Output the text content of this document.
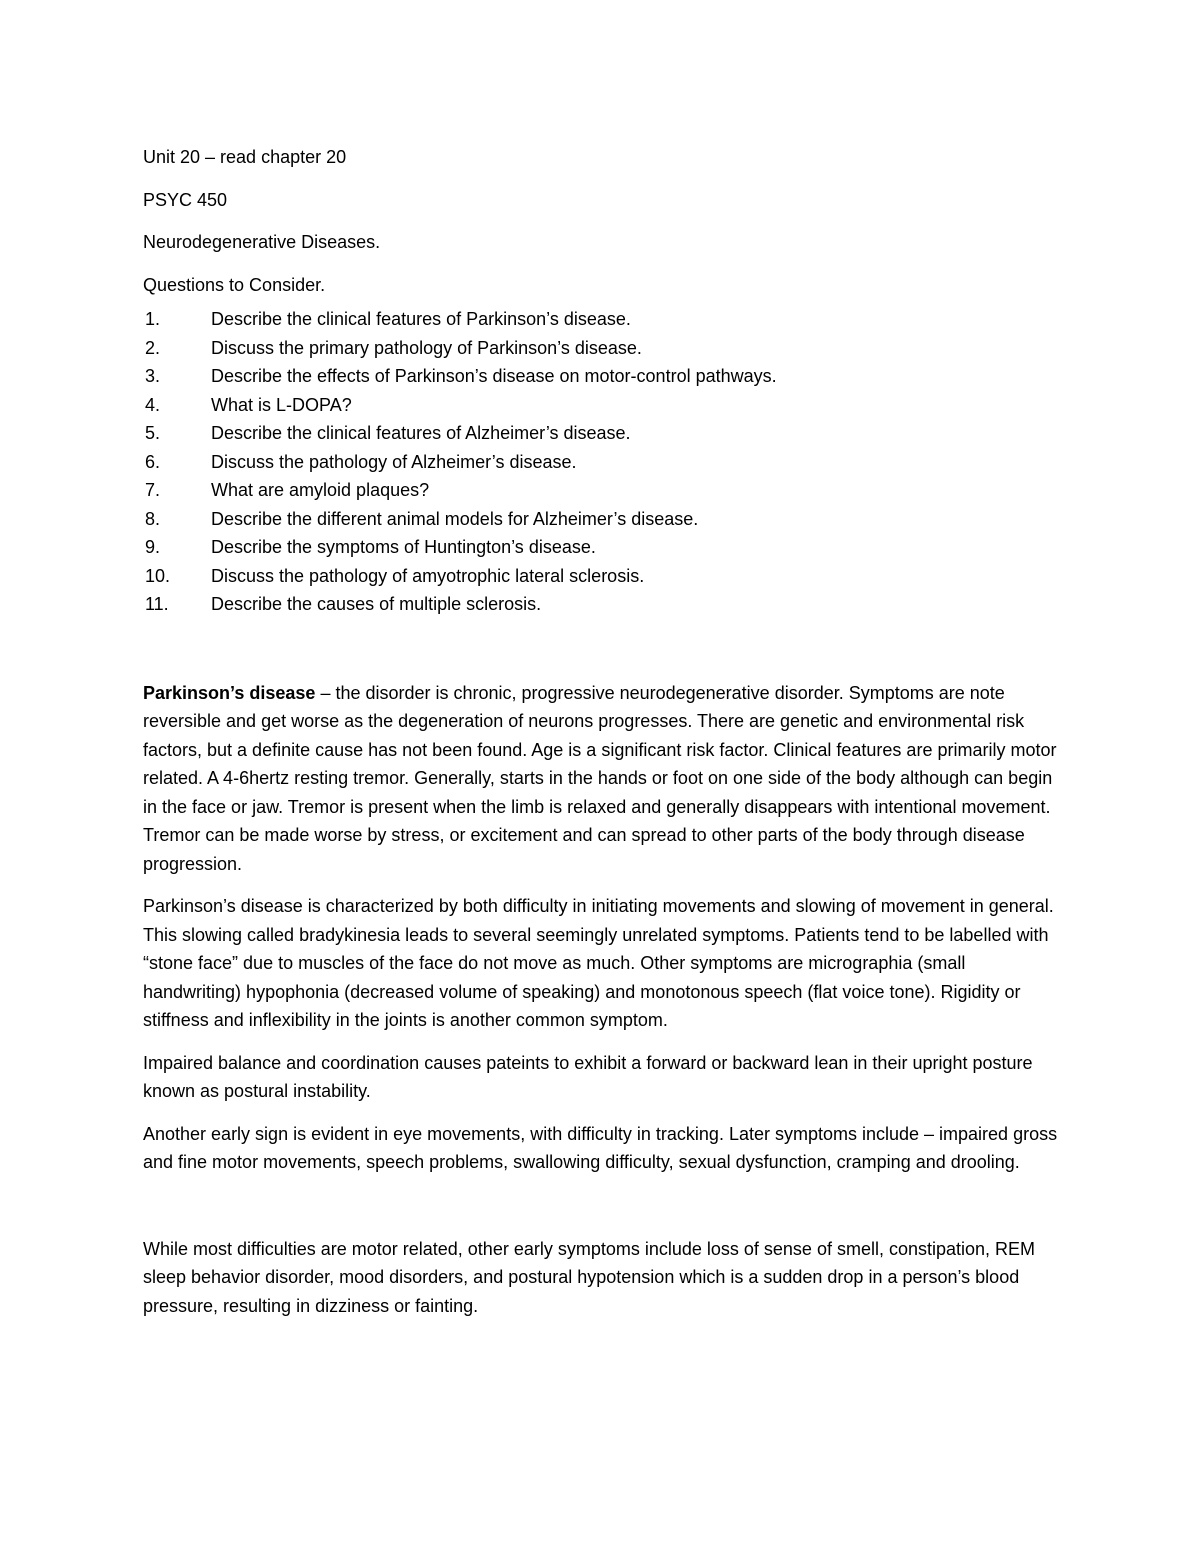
Unit 20 – read chapter 20

PSYC 450

Neurodegenerative Diseases.

Questions to Consider.

1.	Describe the clinical features of Parkinson’s disease.
2.	Discuss the primary pathology of Parkinson’s disease.
3.	Describe the effects of Parkinson’s disease on motor-control pathways.
4.	What is L-DOPA?
5.	Describe the clinical features of Alzheimer’s disease.
6.	Discuss the pathology of Alzheimer’s disease.
7.	What are amyloid plaques?
8.	Describe the different animal models for Alzheimer’s disease.
9.	Describe the symptoms of Huntington’s disease.
10. Discuss the pathology of amyotrophic lateral sclerosis.
11. Describe the causes of multiple sclerosis.

Parkinson’s disease – the disorder is chronic, progressive neurodegenerative disorder. Symptoms are note reversible and get worse as the degeneration of neurons progresses. There are genetic and environmental risk factors, but a definite cause has not been found. Age is a significant risk factor. Clinical features are primarily motor related. A 4-6hertz resting tremor. Generally, starts in the hands or foot on one side of the body although can begin in the face or jaw. Tremor is present when the limb is relaxed and generally disappears with intentional movement. Tremor can be made worse by stress, or excitement and can spread to other parts of the body through disease progression.

Parkinson’s disease is characterized by both difficulty in initiating movements and slowing of movement in general. This slowing called bradykinesia leads to several seemingly unrelated symptoms. Patients tend to be labelled with “stone face” due to muscles of the face do not move as much. Other symptoms are micrographia (small handwriting) hypophonia (decreased volume of speaking) and monotonous speech (flat voice tone). Rigidity or stiffness and inflexibility in the joints is another common symptom.

Impaired balance and coordination causes pateints to exhibit a forward or backward lean in their upright posture known as postural instability.

Another early sign is evident in eye movements, with difficulty in tracking. Later symptoms include – impaired gross and fine motor movements, speech problems, swallowing difficulty, sexual dysfunction, cramping and drooling.

While most difficulties are motor related, other early symptoms include loss of sense of smell, constipation, REM sleep behavior disorder, mood disorders, and postural hypotension which is a sudden drop in a person’s blood pressure, resulting in dizziness or fainting.
